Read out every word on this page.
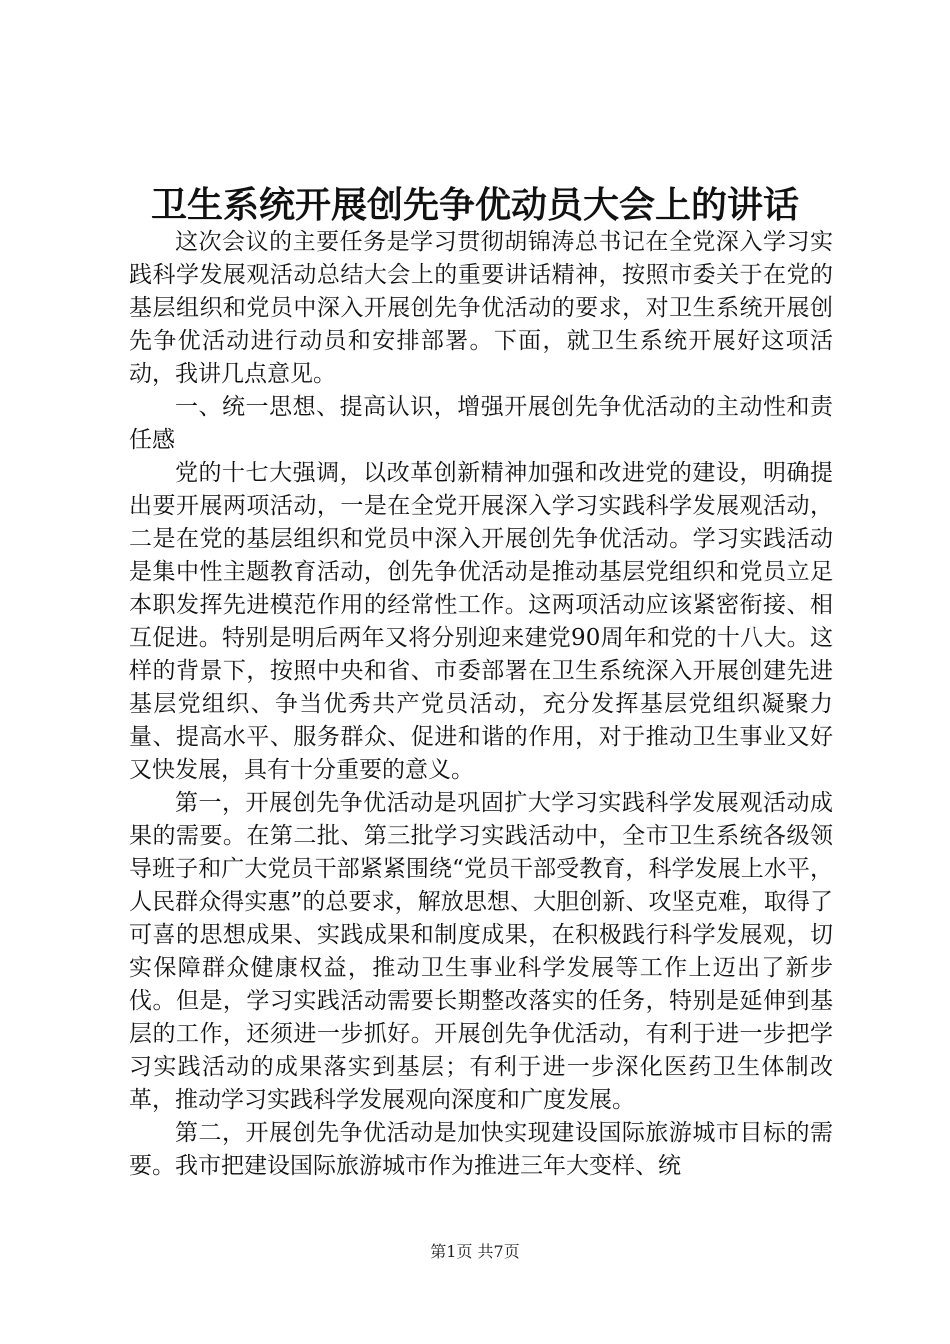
卫生系统开展创先争优动员大会上的讲话

这次会议的主要任务是学习贯彻胡锦涛总书记在全党深入学习实践科学发展观活动总结大会上的重要讲话精神，按照市委关于在党的基层组织和党员中深入开展创先争优活动的要求，对卫生系统开展创先争优活动进行动员和安排部署。下面，就卫生系统开展好这项活动，我讲几点意见。

一、统一思想、提高认识，增强开展创先争优活动的主动性和责任感

党的十七大强调，以改革创新精神加强和改进党的建设，明确提出要开展两项活动，一是在全党开展深入学习实践科学发展观活动，二是在党的基层组织和党员中深入开展创先争优活动。学习实践活动是集中性主题教育活动，创先争优活动是推动基层党组织和党员立足本职发挥先进模范作用的经常性工作。这两项活动应该紧密衔接、相互促进。特别是明后两年又将分别迎来建党90周年和党的十八大。这样的背景下，按照中央和省、市委部署在卫生系统深入开展创建先进基层党组织、争当优秀共产党员活动，充分发挥基层党组织凝聚力量、提高水平、服务群众、促进和谐的作用，对于推动卫生事业又好又快发展，具有十分重要的意义。

第一，开展创先争优活动是巩固扩大学习实践科学发展观活动成果的需要。在第二批、第三批学习实践活动中，全市卫生系统各级领导班子和广大党员干部紧紧围绕“党员干部受教育，科学发展上水平，人民群众得实惠”的总要求，解放思想、大胆创新、攻坚克难，取得了可喜的思想成果、实践成果和制度成果，在积极践行科学发展观，切实保障群众健康权益，推动卫生事业科学发展等工作上迈出了新步伐。但是，学习实践活动需要长期整改落实的任务，特别是延伸到基层的工作，还须进一步抓好。开展创先争优活动，有利于进一步把学习实践活动的成果落实到基层；有利于进一步深化医药卫生体制改革，推动学习实践科学发展观向深度和广度发展。

第二，开展创先争优活动是加快实现建设国际旅游城市目标的需要。我市把建设国际旅游城市作为推进三年大变样、统

第1页 共7页
